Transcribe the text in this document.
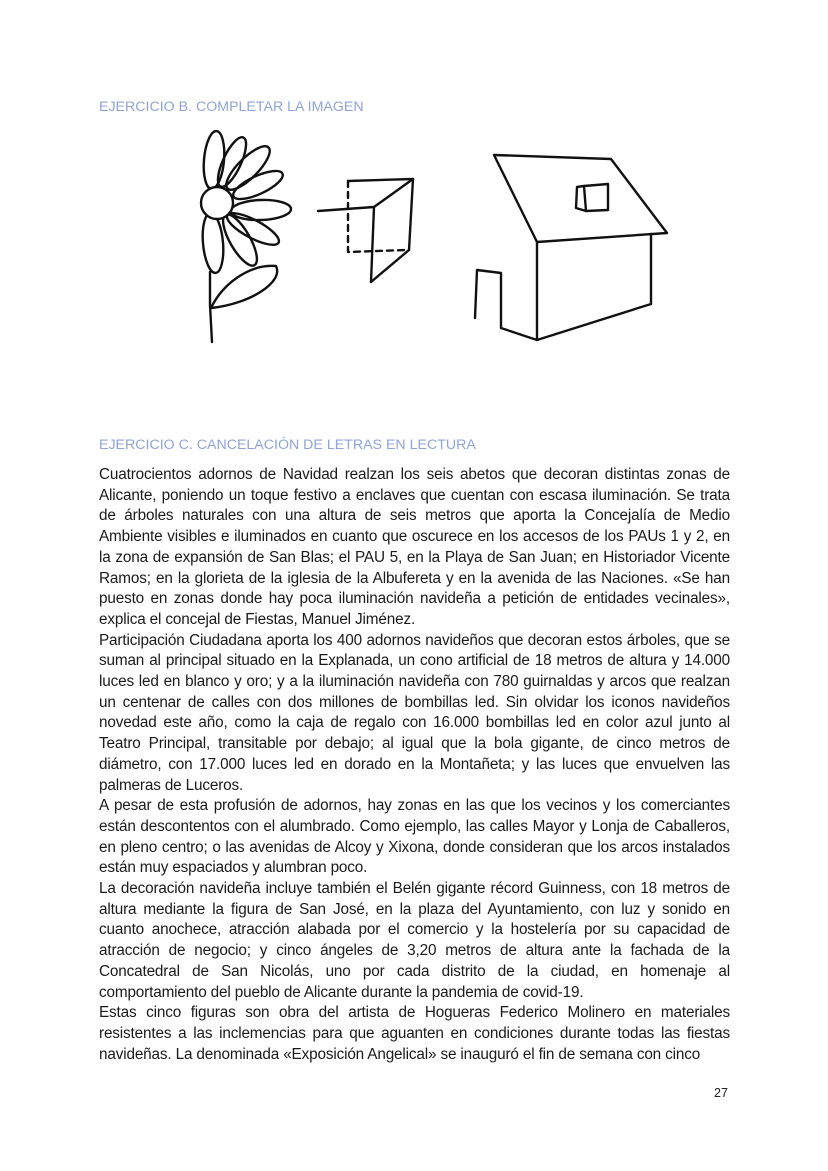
EJERCICIO B. COMPLETAR LA IMAGEN
EJERCICIO C. CANCELACIÓN DE LETRAS EN LECTURA

Cuatrocientos adornos de Navidad realzan los seis abetos que decoran distintas zonas de Alicante, poniendo un toque festivo a enclaves que cuentan con escasa iluminación. Se trata de árboles naturales con una altura de seis metros que aporta la Concejalía de Medio Ambiente visibles e iluminados en cuanto que oscurece en los accesos de los PAUs 1 y 2, en la zona de expansión de San Blas; el PAU 5, en la Playa de San Juan; en Historiador Vicente Ramos; en la glorieta de la iglesia de la Albufereta y en la avenida de las Naciones. «Se han puesto en zonas donde hay poca iluminación navideña a petición de entidades vecinales», explica el concejal de Fiestas, Manuel Jiménez.

Participación Ciudadana aporta los 400 adornos navideños que decoran estos árboles, que se suman al principal situado en la Explanada, un cono artificial de 18 metros de altura y 14.000 luces led en blanco y oro; y a la iluminación navideña con 780 guirnaldas y arcos que realzan un centenar de calles con dos millones de bombillas led. Sin olvidar los iconos navideños novedad este año, como la caja de regalo con 16.000 bombillas led en color azul junto al Teatro Principal, transitable por debajo; al igual que la bola gigante, de cinco metros de diámetro, con 17.000 luces led en dorado en la Montañeta; y las luces que envuelven las palmeras de Luceros.

A pesar de esta profusión de adornos, hay zonas en las que los vecinos y los comerciantes están descontentos con el alumbrado. Como ejemplo, las calles Mayor y Lonja de Caballeros, en pleno centro; o las avenidas de Alcoy y Xixona, donde consideran que los arcos instalados están muy espaciados y alumbran poco.

La decoración navideña incluye también el Belén gigante récord Guinness, con 18 metros de altura mediante la figura de San José, en la plaza del Ayuntamiento, con luz y sonido en cuanto anochece, atracción alabada por el comercio y la hostelería por su capacidad de atracción de negocio; y cinco ángeles de 3,20 metros de altura ante la fachada de la Concatedral de San Nicolás, uno por cada distrito de la ciudad, en homenaje al comportamiento del pueblo de Alicante durante la pandemia de covid-19.

Estas cinco figuras son obra del artista de Hogueras Federico Molinero en materiales resistentes a las inclemencias para que aguanten en condiciones durante todas las fiestas navideñas. La denominada «Exposición Angelical» se inauguró el fin de semana con cinco

27
